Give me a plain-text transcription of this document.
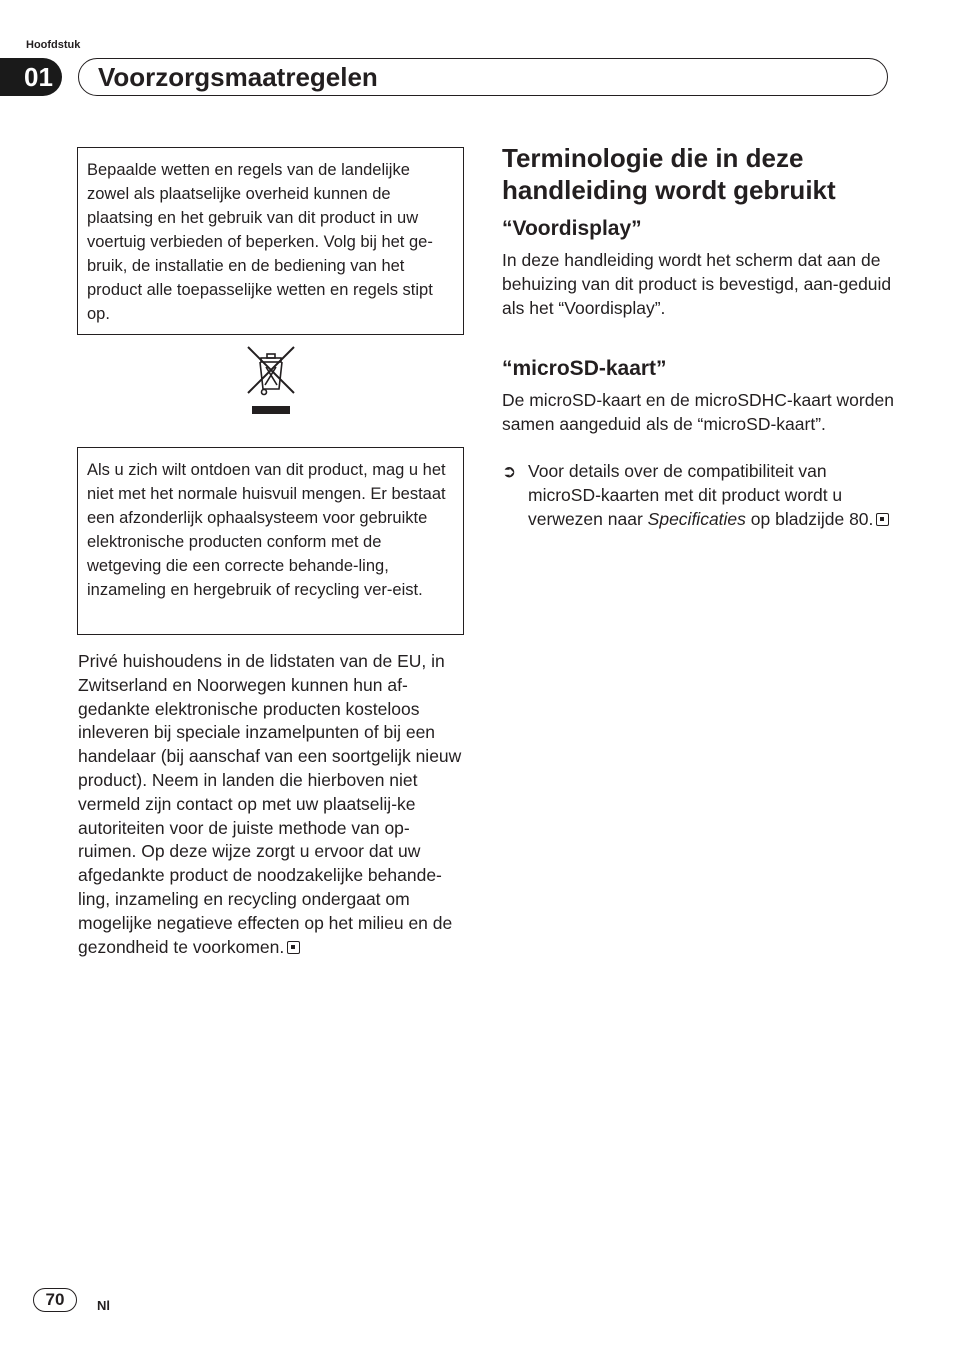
Hoofdstuk
01	Voorzorgsmaatregelen
Bepaalde wetten en regels van de landelijke zowel als plaatselijke overheid kunnen de plaatsing en het gebruik van dit product in uw voertuig verbieden of beperken. Volg bij het ge-bruik, de installatie en de bediening van het product alle toepasselijke wetten en regels stipt op.
Als u zich wilt ontdoen van dit product, mag u het niet met het normale huisvuil mengen. Er bestaat een afzonderlijk ophaalsysteem voor gebruikte elektronische producten conform met de wetgeving die een correcte behande-ling, inzameling en hergebruik of recycling ver-eist.
Privé huishoudens in de lidstaten van de EU, in Zwitserland en Noorwegen kunnen hun af-gedankte elektronische producten kosteloos inleveren bij speciale inzamelpunten of bij een handelaar (bij aanschaf van een soortgelijk nieuw product). Neem in landen die hierboven niet vermeld zijn contact op met uw plaatselij-ke autoriteiten voor de juiste methode van op-ruimen. Op deze wijze zorgt u ervoor dat uw afgedankte product de noodzakelijke behande-ling, inzameling en recycling ondergaat om mogelijke negatieve effecten op het milieu en de gezondheid te voorkomen.
Terminologie die in deze handleiding wordt gebruikt
“Voordisplay”
In deze handleiding wordt het scherm dat aan de behuizing van dit product is bevestigd, aan-geduid als het “Voordisplay”.
“microSD-kaart”
De microSD-kaart en de microSDHC-kaart worden samen aangeduid als de “microSD-kaart”.
➲ Voor details over de compatibiliteit van microSD-kaarten met dit product wordt u verwezen naar Specificaties op bladzijde 80.
70	Nl
